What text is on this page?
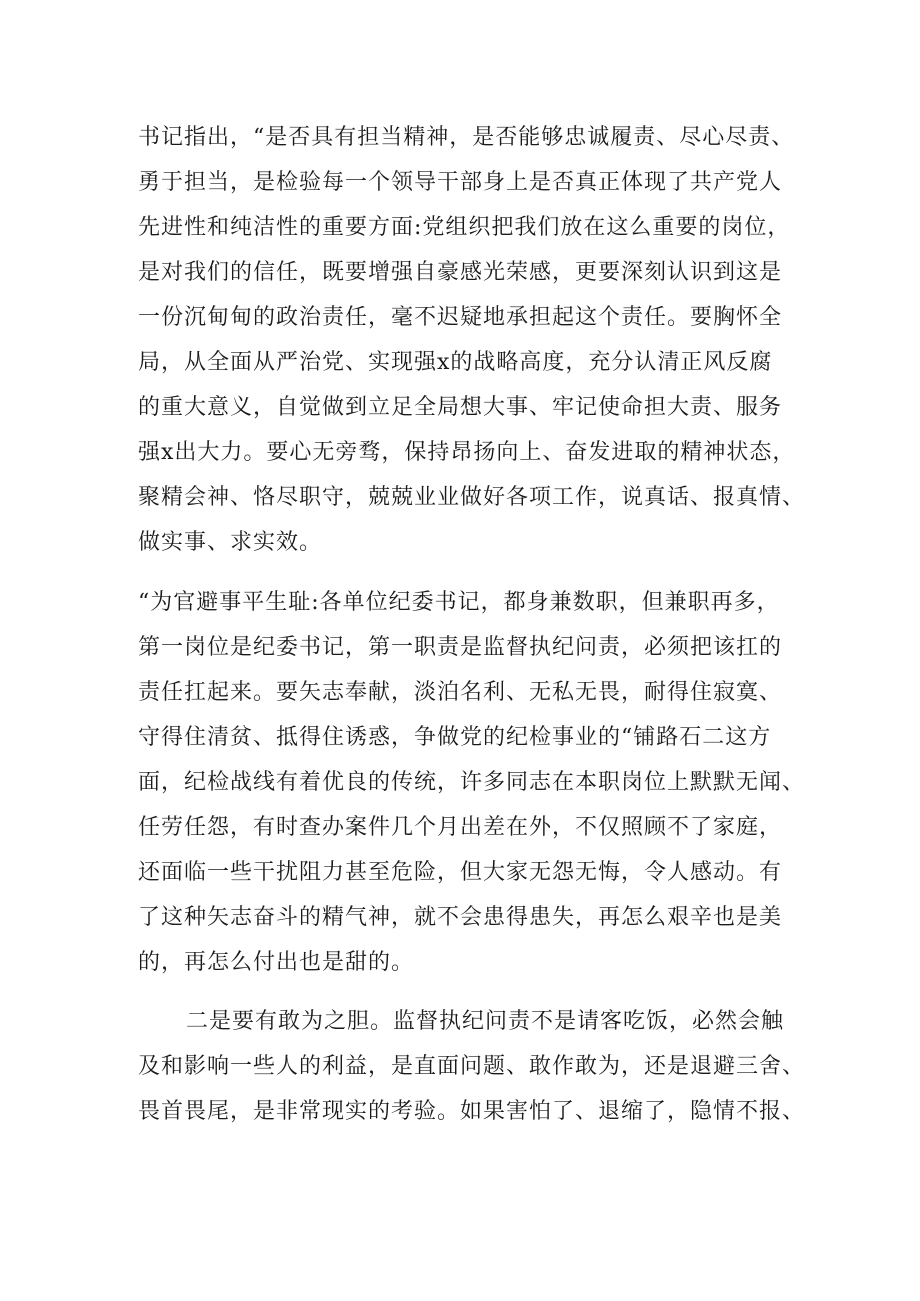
书记指出，“是否具有担当精神，是否能够忠诚履责、尽心尽责、

勇于担当，是检验每一个领导干部身上是否真正体现了共产党人

先进性和纯洁性的重要方面:党组织把我们放在这么重要的岗位，

是对我们的信任，既要增强自豪感光荣感，更要深刻认识到这是

一份沉甸甸的政治责任，毫不迟疑地承担起这个责任。要胸怀全

局，从全面从严治党、实现强x的战略高度，充分认清正风反腐

的重大意义，自觉做到立足全局想大事、牢记使命担大责、服务

强x出大力。要心无旁骛，保持昂扬向上、奋发进取的精神状态，

聚精会神、恪尽职守，兢兢业业做好各项工作，说真话、报真情、

做实事、求实效。

“为官避事平生耻:各单位纪委书记，都身兼数职，但兼职再多，

第一岗位是纪委书记，第一职责是监督执纪问责，必须把该扛的

责任扛起来。要矢志奉献，淡泊名利、无私无畏，耐得住寂寞、

守得住清贫、抵得住诱惑，争做党的纪检事业的“铺路石二这方

面，纪检战线有着优良的传统，许多同志在本职岗位上默默无闻、

任劳任怨，有时查办案件几个月出差在外，不仅照顾不了家庭，

还面临一些干扰阻力甚至危险，但大家无怨无悔，令人感动。有

了这种矢志奋斗的精气神，就不会患得患失，再怎么艰辛也是美

的，再怎么付出也是甜的。

二是要有敢为之胆。监督执纪问责不是请客吃饭，必然会触

及和影响一些人的利益，是直面问题、敢作敢为，还是退避三舍、

畏首畏尾，是非常现实的考验。如果害怕了、退缩了，隐情不报、
